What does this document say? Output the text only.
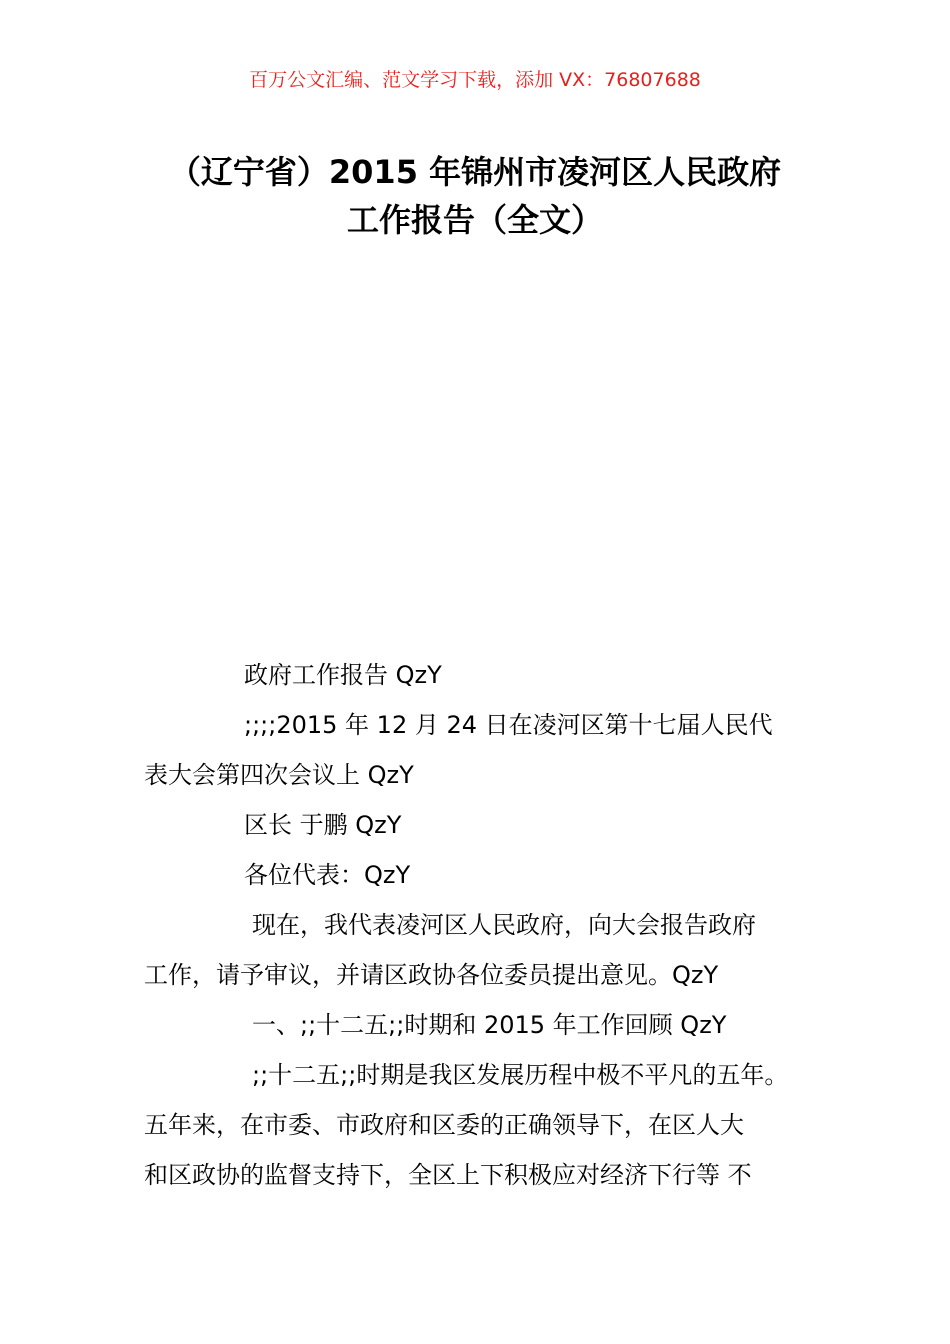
百万公文汇编、范文学习下载，添加 VX：76807688
（辽宁省）2015 年锦州市凌河区人民政府
工作报告（全文）
政府工作报告 QzY
;;;;2015 年 12 月 24 日在凌河区第十七届人民代
表大会第四次会议上 QzY
区长 于鹏 QzY
各位代表：QzY
现在，我代表凌河区人民政府，向大会报告政府
工作，请予审议，并请区政协各位委员提出意见。QzY
一、;;十二五;;时期和 2015 年工作回顾 QzY
;;十二五;;时期是我区发展历程中极不平凡的五年。
五年来，在市委、市政府和区委的正确领导下，在区人大
和区政协的监督支持下，全区上下积极应对经济下行等 不
